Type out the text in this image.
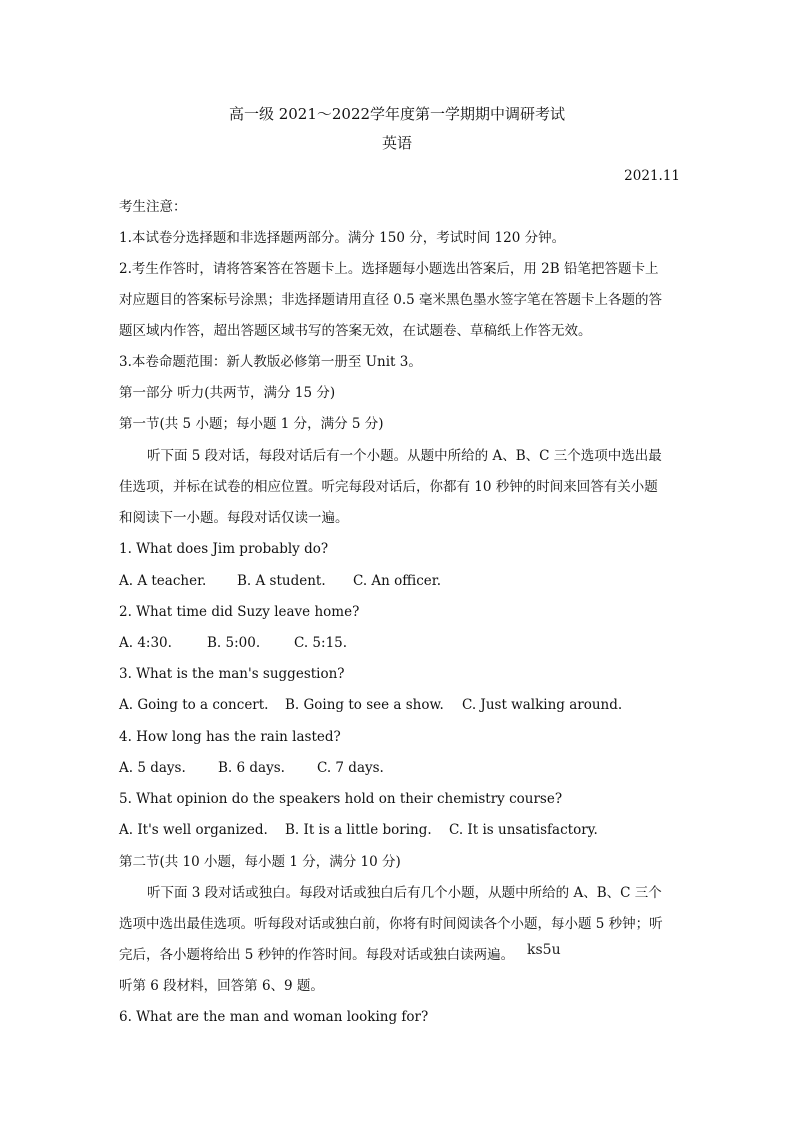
高一级 2021～2022学年度第一学期期中调研考试
英语
2021.11
考生注意：
1.本试卷分选择题和非选择题两部分。满分 150 分，考试时间 120 分钟。
2.考生作答时，请将答案答在答题卡上。选择题每小题选出答案后，用 2B 铅笔把答题卡上
对应题目的答案标号涂黑；非选择题请用直径 0.5 毫米黑色墨水签字笔在答题卡上各题的答
题区域内作答，超出答题区域书写的答案无效，在试题卷、草稿纸上作答无效。
3.本卷命题范围：新人教版必修第一册至 Unit 3。
第一部分 听力(共两节，满分 15 分)
第一节(共 5 小题；每小题 1 分，满分 5 分)
听下面 5 段对话，每段对话后有一个小题。从题中所给的 A、B、C 三个选项中选出最
佳选项，并标在试卷的相应位置。听完每段对话后，你都有 10 秒钟的时间来回答有关小题
和阅读下一小题。每段对话仅读一遍。
1. What does Jim probably do?
A. A teacher. B. A student. C. An officer.
2. What time did Suzy leave home?
A. 4:30.	B. 5:00.	C. 5:15.
3. What is the man's suggestion?
A. Going to a concert. B. Going to see a show. C. Just walking around.
4. How long has the rain lasted?
A. 5 days. B. 6 days. C. 7 days.
5. What opinion do the speakers hold on their chemistry course?
A. It's well organized. B. It is a little boring. C. It is unsatisfactory.
第二节(共 10 小题，每小题 1 分，满分 10 分)
听下面 3 段对话或独白。每段对话或独白后有几个小题，从题中所给的 A、B、C 三个
选项中选出最佳选项。听每段对话或独白前，你将有时间阅读各个小题，每小题 5 秒钟；听
完后，各小题将给出 5 秒钟的作答时间。每段对话或独白读两遍。 ks5u
听第 6 段材料，回答第 6、9 题。
6. What are the man and woman looking for?
